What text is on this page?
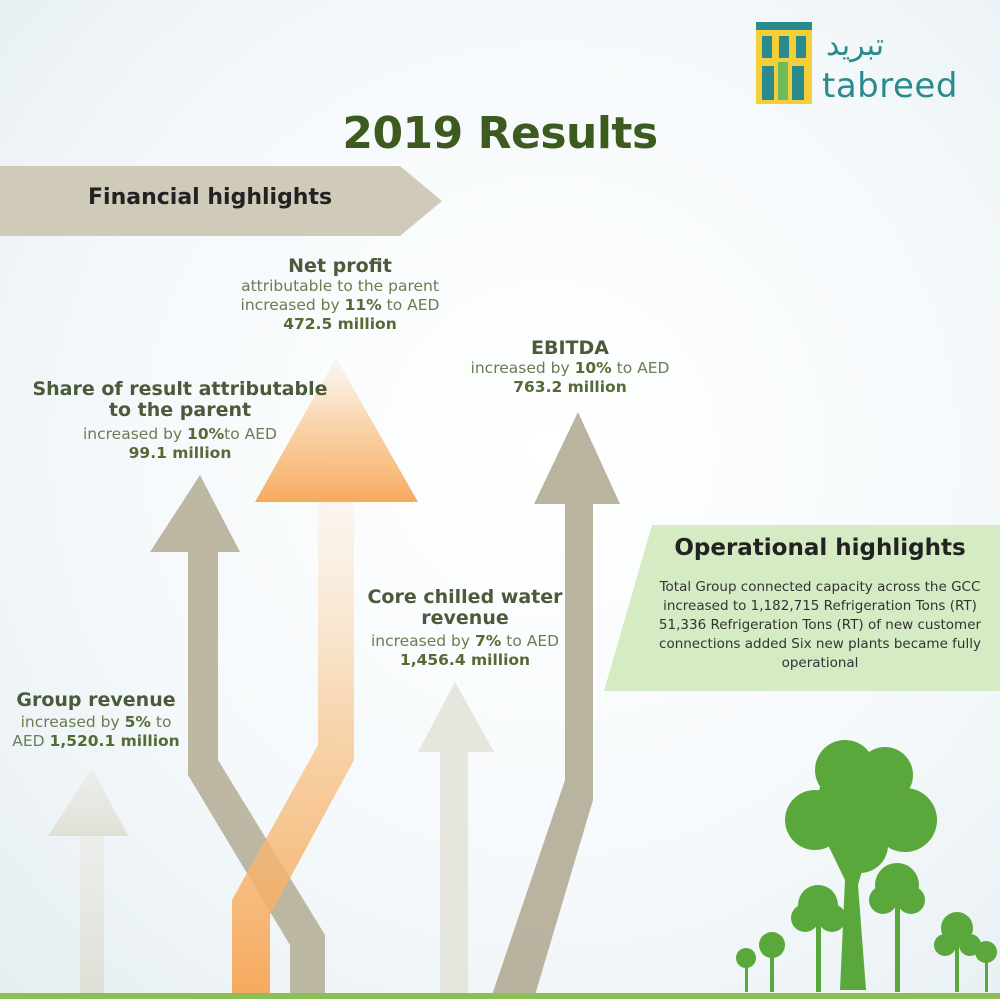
تبريد
tabreed
2019 Results
Financial highlights
Net profit
attributable to the parent
increased by 11% to AED
472.5 million
EBITDA
increased by 10% to AED
763.2 million
Share of result attributable
to the parent
increased by 10%to AED
99.1 million
Core chilled water
revenue
increased by 7% to AED
1,456.4 million
Group revenue
increased by 5% to
AED 1,520.1 million
Operational highlights
Total Group connected capacity across the GCC
increased to 1,182,715 Refrigeration Tons (RT)
51,336 Refrigeration Tons (RT) of new customer
connections added Six new plants became fully
operational
